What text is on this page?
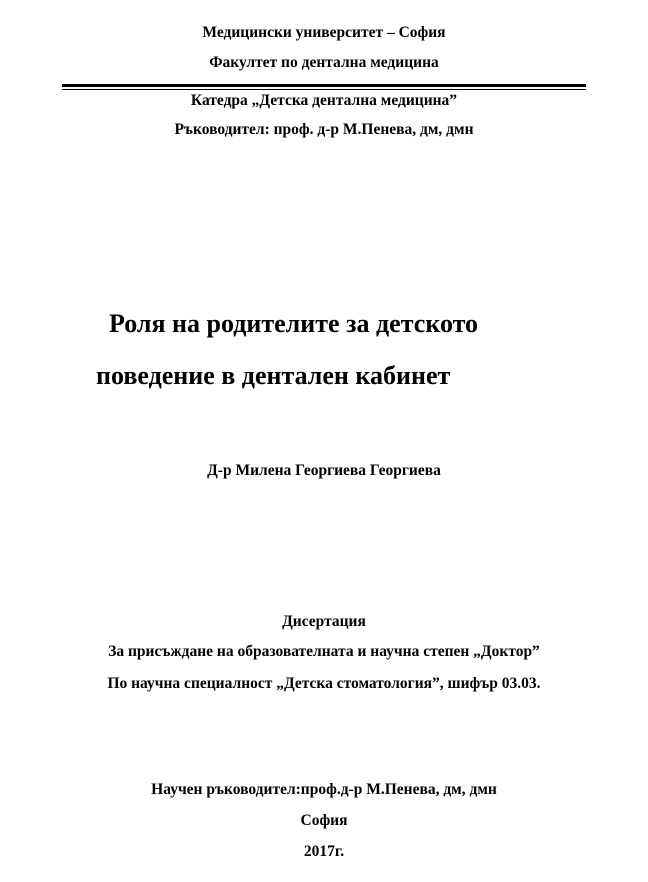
Медицински университет – София
Факултет по дентална медицина
Катедра „Детска дентална медицина”
Ръководител: проф. д-р М.Пенева, дм, дмн
Роля на родителите за детското
поведение в дентален кабинет
Д-р Милена Георгиева Георгиева
Дисертация
За присъждане на образователната и научна степен „Доктор”
По научна специалност „Детска стоматология”, шифър 03.03.
Научен ръководител:проф.д-р М.Пенева, дм, дмн
София
2017г.
